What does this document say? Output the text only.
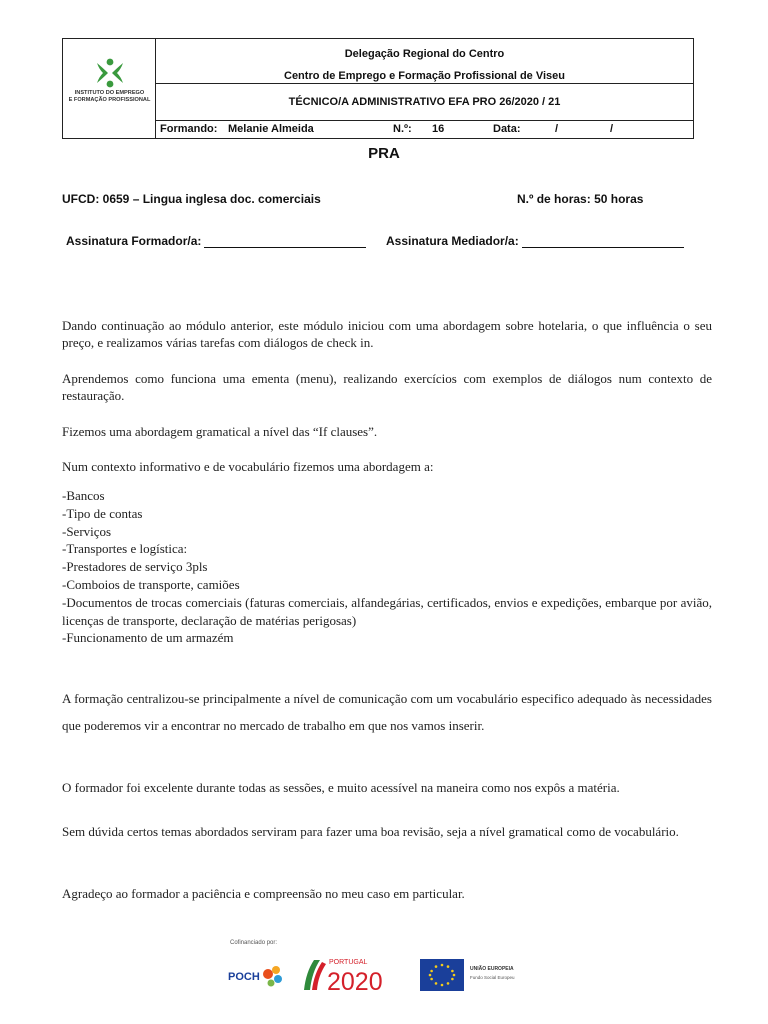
INSTITUTO DO EMPREGO
E FORMAÇÃO PROFISSIONAL
Delegação Regional do Centro
Centro de Emprego e Formação Profissional de Viseu
TÉCNICO/A ADMINISTRATIVO EFA PRO 26/2020 / 21
Formando: Melanie Almeida	N.º: 16	Data:	/	/
PRA
UFCD: 0659 – Lingua inglesa doc. comerciais	N.º de horas: 50 horas
Assinatura Formador/a:	Assinatura Mediador/a:
Dando continuação ao módulo anterior, este módulo iniciou com uma abordagem sobre hotelaria, o que influência o seu preço, e realizamos várias tarefas com diálogos de check in.
Aprendemos como funciona uma ementa (menu), realizando exercícios com exemplos de diálogos num contexto de restauração.
Fizemos uma abordagem gramatical a nível das “If clauses”.
Num contexto informativo e de vocabulário fizemos uma abordagem a:
-Bancos
-Tipo de contas
-Serviços
-Transportes e logística:
-Prestadores de serviço 3pls
-Comboios de transporte, camiões
-Documentos de trocas comerciais (faturas comerciais, alfandegárias, certificados, envios e expedições, embarque por avião, licenças de transporte, declaração de matérias perigosas)
-Funcionamento de um armazém
A formação centralizou-se principalmente a nível de comunicação com um vocabulário especifico adequado às necessidades que poderemos vir a encontrar no mercado de trabalho em que nos vamos inserir.
O formador foi excelente durante todas as sessões, e muito acessível na maneira como nos expôs a matéria.
Sem dúvida certos temas abordados serviram para fazer uma boa revisão, seja a nível gramatical como de vocabulário.
Agradeço ao formador a paciência e compreensão no meu caso em particular.
Cofinanciado por:
POCH
PORTUGAL
2020	UNIÃO EUROPEIA
Fundo Social Europeu
